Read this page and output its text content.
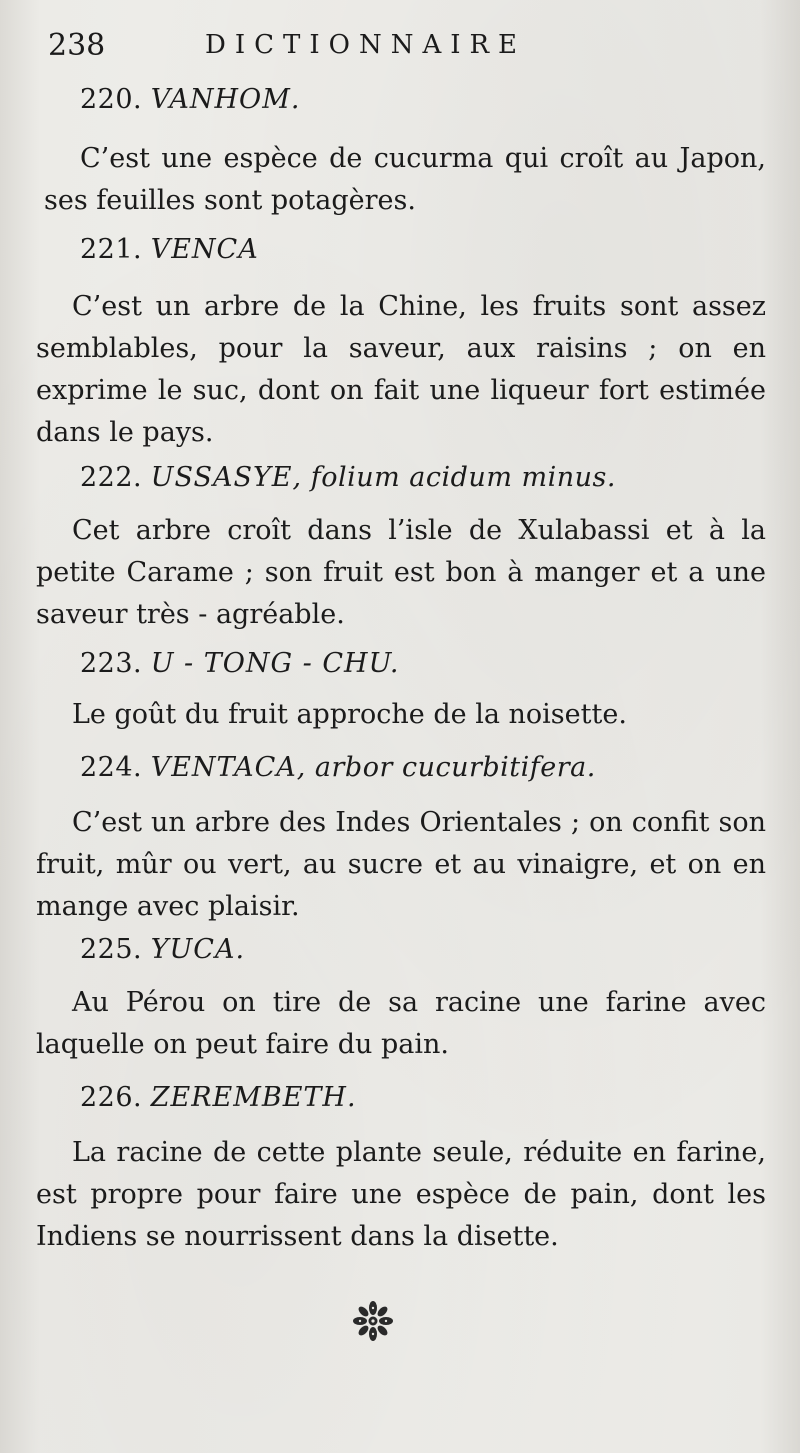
238	DICTIONNAIRE
220. VANHOM.

C’est une espèce de cucurma qui croît au Japon, ses feuilles sont potagères.

221. VENCA

C’est un arbre de la Chine, les fruits sont assez semblables, pour la saveur, aux raisins ; on en exprime le suc, dont on fait une liqueur fort estimée dans le pays.

222. USSASYE, folium acidum minus.

Cet arbre croît dans l’isle de Xulabassi et à la petite Carame ; son fruit est bon à manger et a une saveur très - agréable.

223. U - TONG - CHU.

Le goût du fruit approche de la noisette.

224. VENTACA, arbor cucurbitifera.

C’est un arbre des Indes Orientales ; on confit son fruit, mûr ou vert, au sucre et au vinaigre, et on en mange avec plaisir.

225. YUCA.

Au Pérou on tire de sa racine une farine avec laquelle on peut faire du pain.

226. ZEREMBETH.

La racine de cette plante seule, réduite en farine, est propre pour faire une espèce de pain, dont les Indiens se nourrissent dans la disette.
